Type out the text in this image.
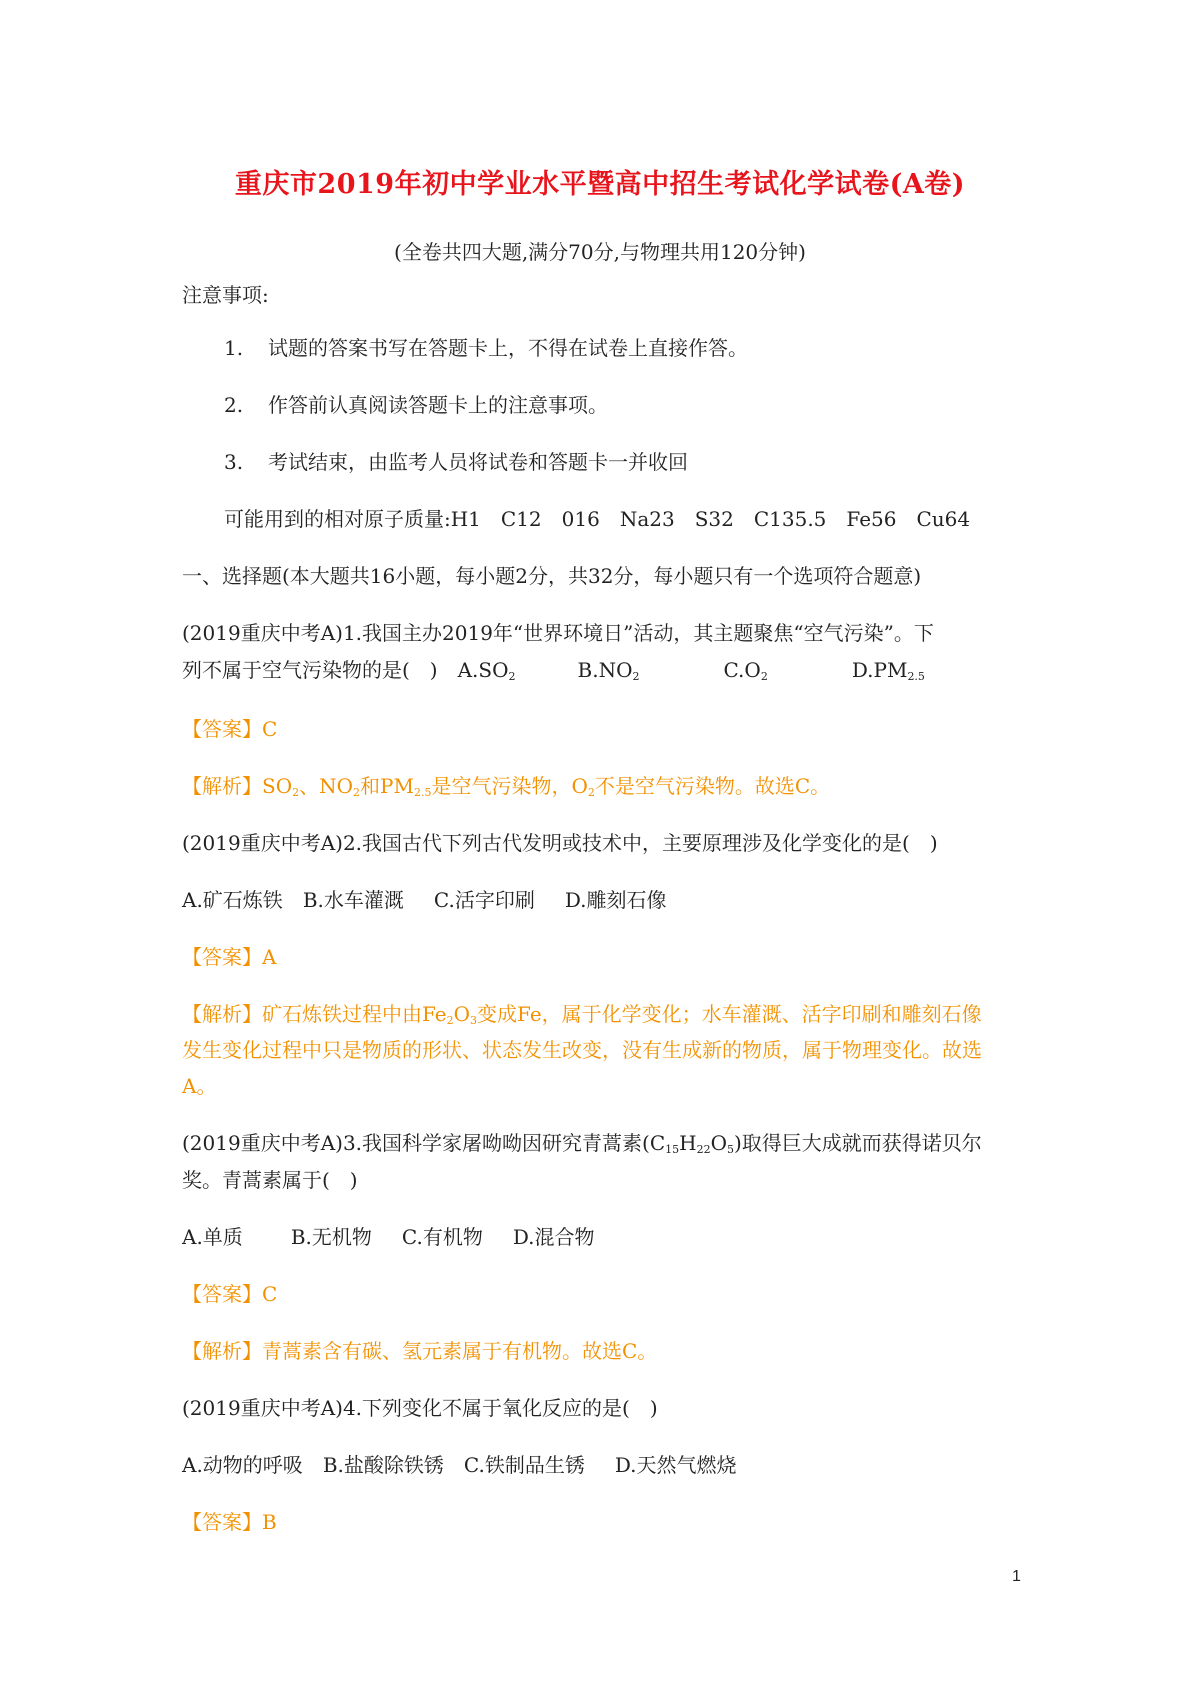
重庆市2019年初中学业水平暨高中招生考试化学试卷(A卷)
(全卷共四大题,满分70分,与物理共用120分钟)
注意事项:
1. 试题的答案书写在答题卡上，不得在试卷上直接作答。
2. 作答前认真阅读答题卡上的注意事项。
3. 考试结束，由监考人员将试卷和答题卡一并收回
可能用到的相对原子质量:H1　C12　016　Na23　S32　C135.5　Fe56　Cu64
一、选择题(本大题共16小题，每小题2分，共32分，每小题只有一个选项符合题意)
(2019重庆中考A)1.我国主办2019年“世界环境日”活动，其主题聚焦“空气污染”。下
列不属于空气污染物的是(　) $A.SO_2$	$B.NO_2$	$C.O_2$	$D.PM_{2.5}$
【答案】C
【解析】$SO_2$、$NO_2$和$PM_{2.5}$是空气污染物，$O_2$不是空气污染物。故选C。
(2019重庆中考A)2.我国古代下列古代发明或技术中，主要原理涉及化学变化的是(　)
A.矿石炼铁 B.水车灌溉 C.活字印刷 D.雕刻石像
【答案】A
【解析】矿石炼铁过程中由$Fe_2O_3$变成Fe，属于化学变化；水车灌溉、活字印刷和雕刻石像
发生变化过程中只是物质的形状、状态发生改变，没有生成新的物质，属于物理变化。故选
A。
(2019重庆中考A)3.我国科学家屠呦呦因研究青蒿素$(C_{15}H_{22}O_5)$取得巨大成就而获得诺贝尔
奖。青蒿素属于(　)
A.单质 B.无机物 C.有机物 D.混合物
【答案】C
【解析】青蒿素含有碳、氢元素属于有机物。故选C。
(2019重庆中考A)4.下列变化不属于氧化反应的是(　)
A.动物的呼吸 B.盐酸除铁锈 C.铁制品生锈 D.天然气燃烧
【答案】B
1
